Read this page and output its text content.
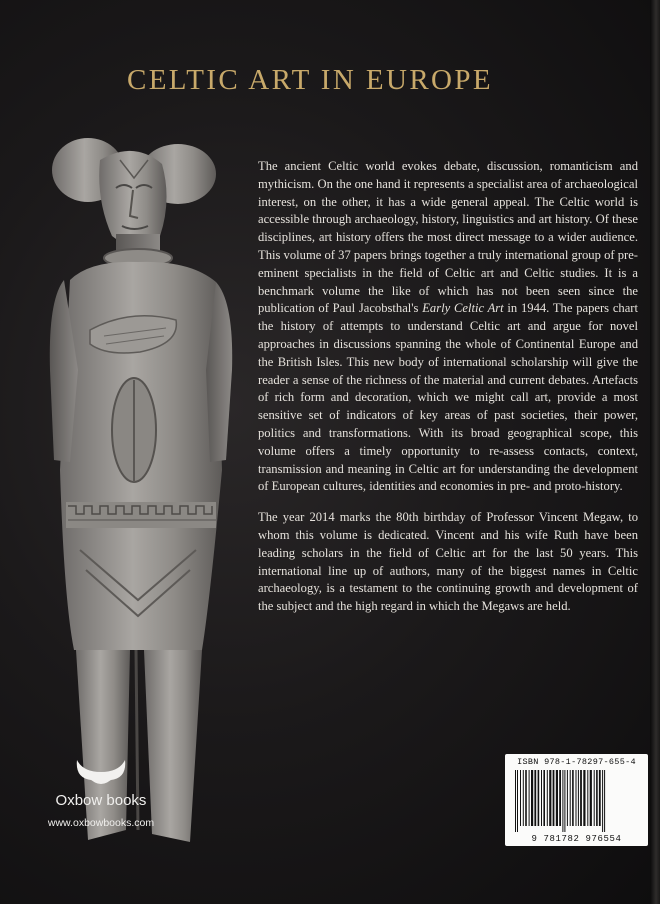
CELTIC ART IN EUROPE

The ancient Celtic world evokes debate, discussion, romanticism and mythicism. On the one hand it represents a specialist area of archaeological interest, on the other, it has a wide general appeal. The Celtic world is accessible through archaeology, history, linguistics and art history. Of these disciplines, art history offers the most direct message to a wider audience. This volume of 37 papers brings together a truly international group of pre-eminent specialists in the field of Celtic art and Celtic studies. It is a benchmark volume the like of which has not been seen since the publication of Paul Jacobsthal's Early Celtic Art in 1944. The papers chart the history of attempts to understand Celtic art and argue for novel approaches in discussions spanning the whole of Continental Europe and the British Isles. This new body of international scholarship will give the reader a sense of the richness of the material and current debates. Artefacts of rich form and decoration, which we might call art, provide a most sensitive set of indicators of key areas of past societies, their power, politics and transformations. With its broad geographical scope, this volume offers a timely opportunity to re-assess contacts, context, transmission and meaning in Celtic art for understanding the development of European cultures, identities and economies in pre- and proto-history.

The year 2014 marks the 80th birthday of Professor Vincent Megaw, to whom this volume is dedicated. Vincent and his wife Ruth have been leading scholars in the field of Celtic art for the last 50 years. This international line up of authors, many of the biggest names in Celtic archaeology, is a testament to the continuing growth and development of the subject and the high regard in which the Megaws are held.

Oxbow books
www.oxbowbooks.com
ISBN 978-1-78297-655-4
9 781782 976554
